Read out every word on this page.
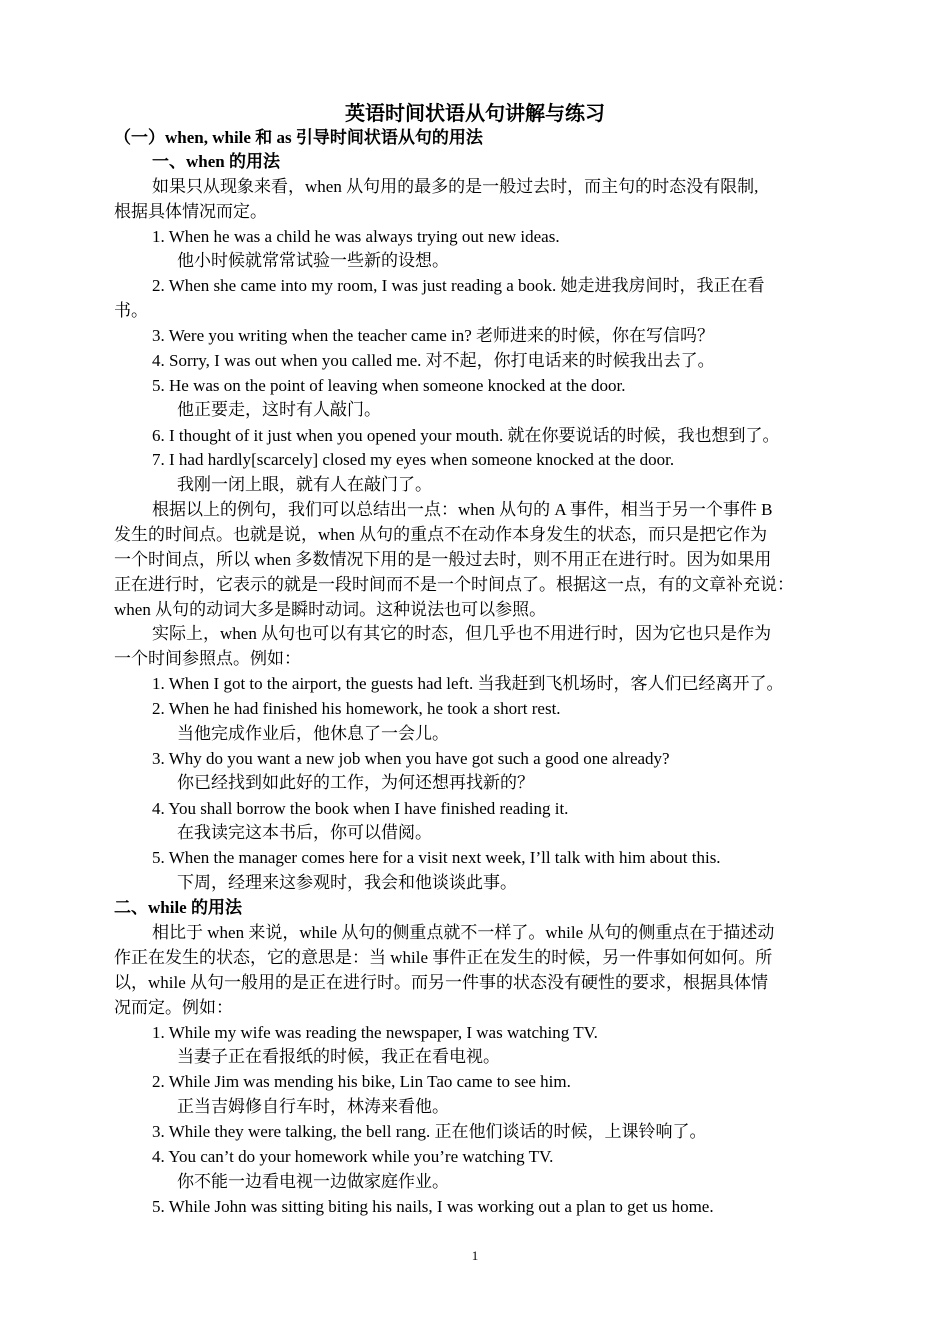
英语时间状语从句讲解与练习
（一）when, while 和 as 引导时间状语从句的用法
一、when 的用法
如果只从现象来看，when 从句用的最多的是一般过去时，而主句的时态没有限制,
根据具体情况而定。
1. When he was a child he was always trying out new ideas.
他小时候就常常试验一些新的设想。
2. When she came into my room, I was just reading a book. 她走进我房间时，我正在看
书。
3. Were you writing when the teacher came in? 老师进来的时候，你在写信吗？
4. Sorry, I was out when you called me. 对不起，你打电话来的时候我出去了。
5. He was on the point of leaving when someone knocked at the door.
他正要走，这时有人敲门。
6. I thought of it just when you opened your mouth. 就在你要说话的时候，我也想到了。
7. I had hardly[scarcely] closed my eyes when someone knocked at the door.
我刚一闭上眼，就有人在敲门了。
根据以上的例句，我们可以总结出一点：when 从句的 A 事件，相当于另一个事件 B
发生的时间点。也就是说，when 从句的重点不在动作本身发生的状态，而只是把它作为
一个时间点，所以 when 多数情况下用的是一般过去时，则不用正在进行时。因为如果用
正在进行时，它表示的就是一段时间而不是一个时间点了。根据这一点，有的文章补充说：
when 从句的动词大多是瞬时动词。这种说法也可以参照。
实际上，when 从句也可以有其它的时态，但几乎也不用进行时，因为它也只是作为
一个时间参照点。例如：
1. When I got to the airport, the guests had left. 当我赶到飞机场时，客人们已经离开了。
2. When he had finished his homework, he took a short rest.
当他完成作业后，他休息了一会儿。
3. Why do you want a new job when you have got such a good one already?
你已经找到如此好的工作，为何还想再找新的？
4. You shall borrow the book when I have finished reading it.
在我读完这本书后，你可以借阅。
5. When the manager comes here for a visit next week, I’ll talk with him about this.
下周，经理来这参观时，我会和他谈谈此事。
二、while 的用法
相比于 when 来说，while 从句的侧重点就不一样了。while 从句的侧重点在于描述动
作正在发生的状态，它的意思是：当 while 事件正在发生的时候，另一件事如何如何。所
以，while 从句一般用的是正在进行时。而另一件事的状态没有硬性的要求，根据具体情
况而定。例如：
1. While my wife was reading the newspaper, I was watching TV.
当妻子正在看报纸的时候，我正在看电视。
2. While Jim was mending his bike, Lin Tao came to see him.
正当吉姆修自行车时，林涛来看他。
3. While they were talking, the bell rang. 正在他们谈话的时候，上课铃响了。
4. You can’t do your homework while you’re watching TV.
你不能一边看电视一边做家庭作业。
5. While John was sitting biting his nails, I was working out a plan to get us home.
1
